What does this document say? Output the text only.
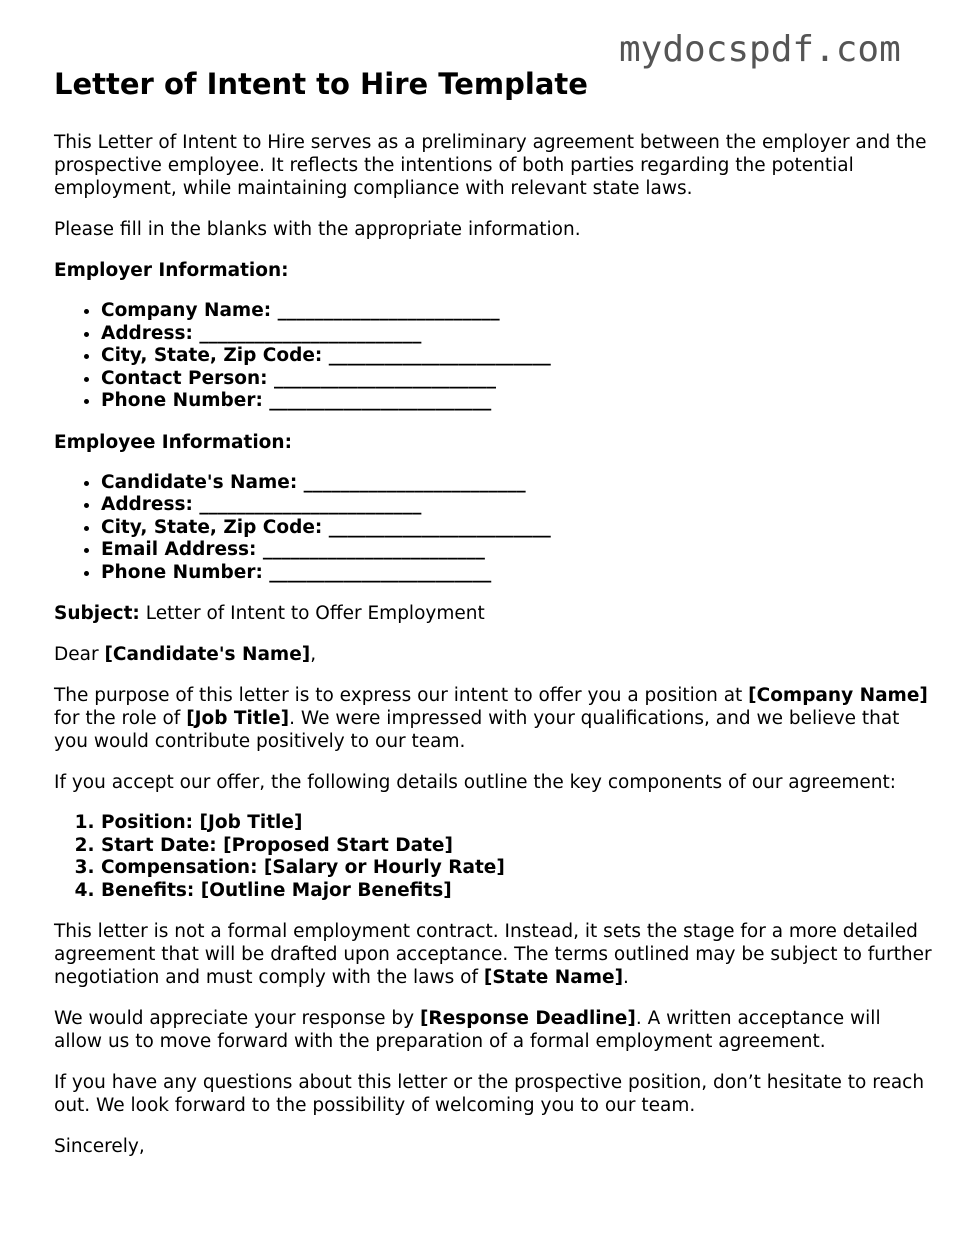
mydocspdf.com
Letter of Intent to Hire Template

This Letter of Intent to Hire serves as a preliminary agreement between the employer and the prospective employee. It reflects the intentions of both parties regarding the potential employment, while maintaining compliance with relevant state laws.

Please fill in the blanks with the appropriate information.

Employer Information:

• Company Name: ________________________
• Address: ________________________
• City, State, Zip Code: ________________________
• Contact Person: ________________________
• Phone Number: ________________________

Employee Information:

• Candidate's Name: ________________________
• Address: ________________________
• City, State, Zip Code: ________________________
• Email Address: ________________________
• Phone Number: ________________________

Subject: Letter of Intent to Offer Employment

Dear [Candidate's Name],

The purpose of this letter is to express our intent to offer you a position at [Company Name] for the role of [Job Title]. We were impressed with your qualifications, and we believe that you would contribute positively to our team.

If you accept our offer, the following details outline the key components of our agreement:

1. Position: [Job Title]
2. Start Date: [Proposed Start Date]
3. Compensation: [Salary or Hourly Rate]
4. Benefits: [Outline Major Benefits]

This letter is not a formal employment contract. Instead, it sets the stage for a more detailed agreement that will be drafted upon acceptance. The terms outlined may be subject to further negotiation and must comply with the laws of [State Name].

We would appreciate your response by [Response Deadline]. A written acceptance will allow us to move forward with the preparation of a formal employment agreement.

If you have any questions about this letter or the prospective position, don’t hesitate to reach out. We look forward to the possibility of welcoming you to our team.

Sincerely,
